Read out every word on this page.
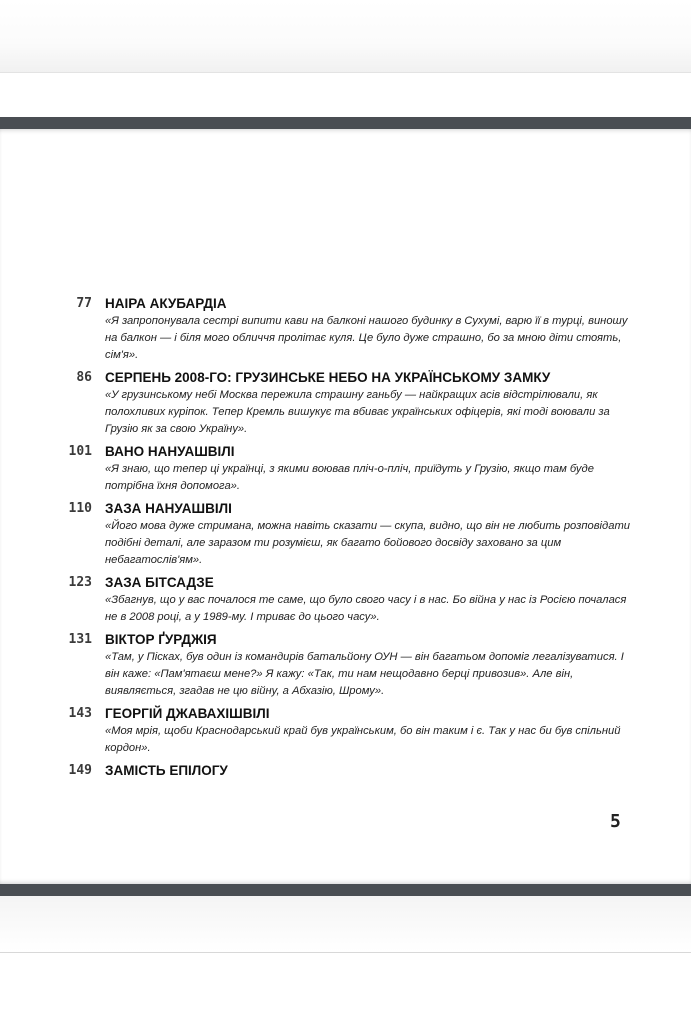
77 НАІРА АКУБАРДІА
«Я запропонувала сестрі випити кави на балконі нашого будинку в Сухумі, варю її в турці, виношу на балкон — і біля мого обличчя пролітає куля. Це було дуже страшно, бо за мною діти стоять, сім'я».
86 СЕРПЕНЬ 2008-ГО: ГРУЗИНСЬКЕ НЕБО НА УКРАЇНСЬКОМУ ЗАМКУ
«У грузинському небі Москва пережила страшну ганьбу — найкращих асів відстрілювали, як полохливих куріпок. Тепер Кремль вишукує та вбиває українських офіцерів, які тоді воювали за Грузію як за свою Україну».
101 ВАНО НАНУАШВІЛІ
«Я знаю, що тепер ці українці, з якими воював пліч-о-пліч, приїдуть у Грузію, якщо там буде потрібна їхня допомога».
110 ЗАЗА НАНУАШВІЛІ
«Його мова дуже стримана, можна навіть сказати — скупа, видно, що він не любить розповідати подібні деталі, але заразом ти розумієш, як багато бойового досвіду заховано за цим небагатослів'ям».
123 ЗАЗА БІТСАДЗЕ
«Збагнув, що у вас почалося те саме, що було свого часу і в нас. Бо війна у нас із Росією почалася не в 2008 році, а у 1989-му. І триває до цього часу».
131 ВІКТОР ҐУРДЖІЯ
«Там, у Пісках, був один із командирів батальйону ОУН — він багатьом допоміг легалізуватися. І він каже: «Пам'ятаєш мене?» Я кажу: «Так, ти нам нещодавно берці привозив». Але він, виявляється, згадав не цю війну, а Абхазію, Шрому».
143 ГЕОРГІЙ ДЖАВАХІШВІЛІ
«Моя мрія, щоби Краснодарський край був українським, бо він таким і є. Так у нас би був спільний кордон».
149 ЗАМІСТЬ ЕПІЛОГУ
5
